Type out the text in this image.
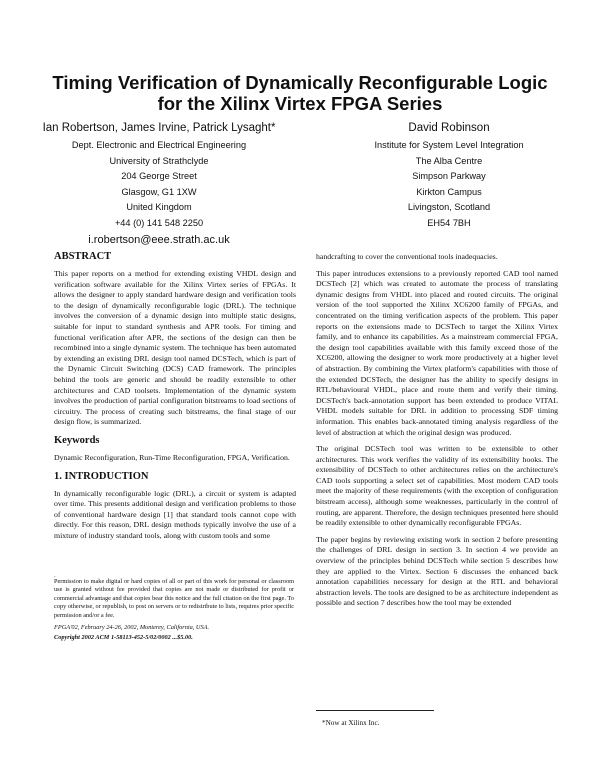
Timing Verification of Dynamically Reconfigurable Logic
for the Xilinx Virtex FPGA Series
Ian Robertson, James Irvine, Patrick Lysaght*
Dept. Electronic and Electrical Engineering
University of Strathclyde
204 George Street
Glasgow, G1 1XW
United Kingdom
+44 (0) 141 548 2250
i.robertson@eee.strath.ac.uk
David Robinson
Institute for System Level Integration
The Alba Centre
Simpson Parkway
Kirkton Campus
Livingston, Scotland
EH54 7BH
ABSTRACT

This paper reports on a method for extending existing VHDL design and verification software available for the Xilinx Virtex series of FPGAs. It allows the designer to apply standard hardware design and verification tools to the design of dynamically reconfigurable logic (DRL). The technique involves the conversion of a dynamic design into multiple static designs, suitable for input to standard synthesis and APR tools. For timing and functional verification after APR, the sections of the design can then be recombined into a single dynamic system. The technique has been automated by extending an existing DRL design tool named DCSTech, which is part of the Dynamic Circuit Switching (DCS) CAD framework. The principles behind the tools are generic and should be readily extensible to other architectures and CAD toolsets. Implementation of the dynamic system involves the production of partial configuration bitstreams to load sections of circuitry. The process of creating such bitstreams, the final stage of our design flow, is summarized.

Keywords

Dynamic Reconfiguration, Run-Time Reconfiguration, FPGA, Verification.

1. INTRODUCTION

In dynamically reconfigurable logic (DRL), a circuit or system is adapted over time. This presents additional design and verification problems to those of conventional hardware design [1] that standard tools cannot cope with directly. For this reason, DRL design methods typically involve the use of a mixture of industry standard tools, along with custom tools and some

.
Permission to make digital or hard copies of all or part of this work for personal or classroom use is granted without fee provided that copies are not made or distributed for profit or commercial advantage and that copies bear this notice and the full citation on the first page. To copy otherwise, or republish, to post on servers or to redistribute to lists, requires prior specific permission and/or a fee.
FPGA'02, February 24-26, 2002, Monterey, California, USA.
Copyright 2002 ACM 1-58113-452-5/02/0002 ...$5.00.

handcrafting to cover the conventional tools inadequacies.

This paper introduces extensions to a previously reported CAD tool named DCSTech [2] which was created to automate the process of translating dynamic designs from VHDL into placed and routed circuits. The original version of the tool supported the Xilinx XC6200 family of FPGAs, and concentrated on the timing verification aspects of the problem. This paper reports on the extensions made to DCSTech to target the Xilinx Virtex family, and to enhance its capabilities. As a mainstream commercial FPGA, the design tool capabilities available with this family exceed those of the XC6200, allowing the designer to work more productively at a higher level of abstraction. By combining the Virtex platform's capabilities with those of the extended DCSTech, the designer has the ability to specify designs in RTL/behavioural VHDL, place and route them and verify their timing. DCSTech's back-annotation support has been extended to produce VITAL VHDL models suitable for DRL in addition to processing SDF timing information. This enables back-annotated timing analysis regardless of the level of abstraction at which the original design was produced.

The original DCSTech tool was written to be extensible to other architectures. This work verifies the validity of its extensibility hooks. The extensibility of DCSTech to other architectures relies on the architecture's CAD tools supporting a select set of capabilities. Most modern CAD tools meet the majority of these requirements (with the exception of configuration bitstream access), although some weaknesses, particularly in the control of routing, are apparent. Therefore, the design techniques presented here should be readily extensible to other dynamically reconfigurable FPGAs.

The paper begins by reviewing existing work in section 2 before presenting the challenges of DRL design in section 3. In section 4 we provide an overview of the principles behind DCSTech while section 5 describes how they are applied to the Virtex. Section 6 discusses the enhanced back annotation capabilities necessary for design at the RTL and behavioral abstraction levels. The tools are designed to be as architecture independent as possible and section 7 describes how the tool may be extended

*Now at Xilinx Inc.
